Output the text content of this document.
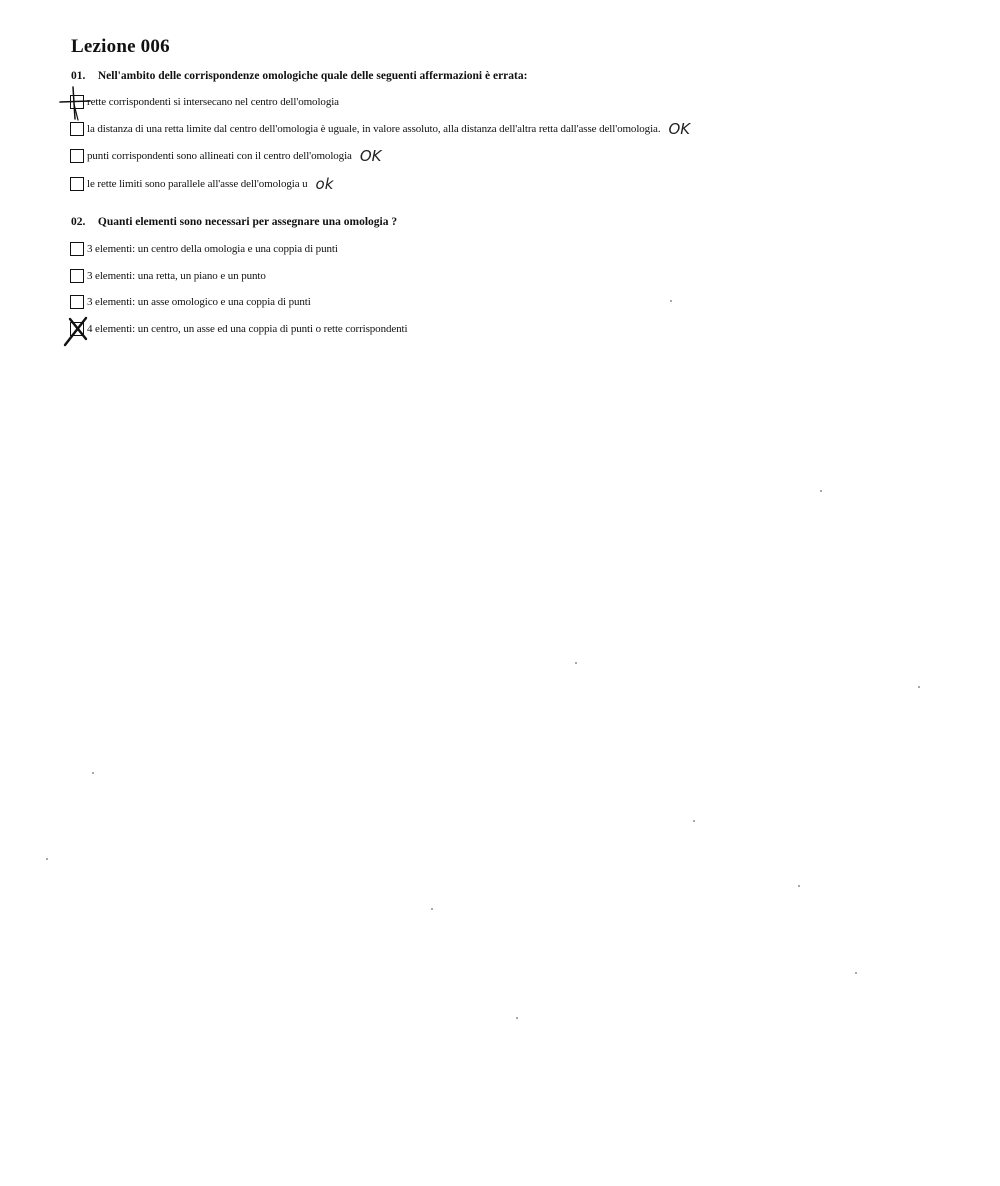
Lezione 006
01. Nell'ambito delle corrispondenze omologiche quale delle seguenti affermazioni è errata:
rette corrispondenti si intersecano nel centro dell'omologia
la distanza di una retta limite dal centro dell'omologia è uguale, in valore assoluto, alla distanza dell'altra retta dall'asse dell'omologia. OK
punti corrispondenti sono allineati con il centro dell'omologia OK
le rette limiti sono parallele all'asse dell'omologia u ok
02. Quanti elementi sono necessari per assegnare una omologia ?
3 elementi: un centro della omologia e una coppia di punti
3 elementi: una retta, un piano e un punto
3 elementi: un asse omologico e una coppia di punti
4 elementi: un centro, un asse ed una coppia di punti o rette corrispondenti
